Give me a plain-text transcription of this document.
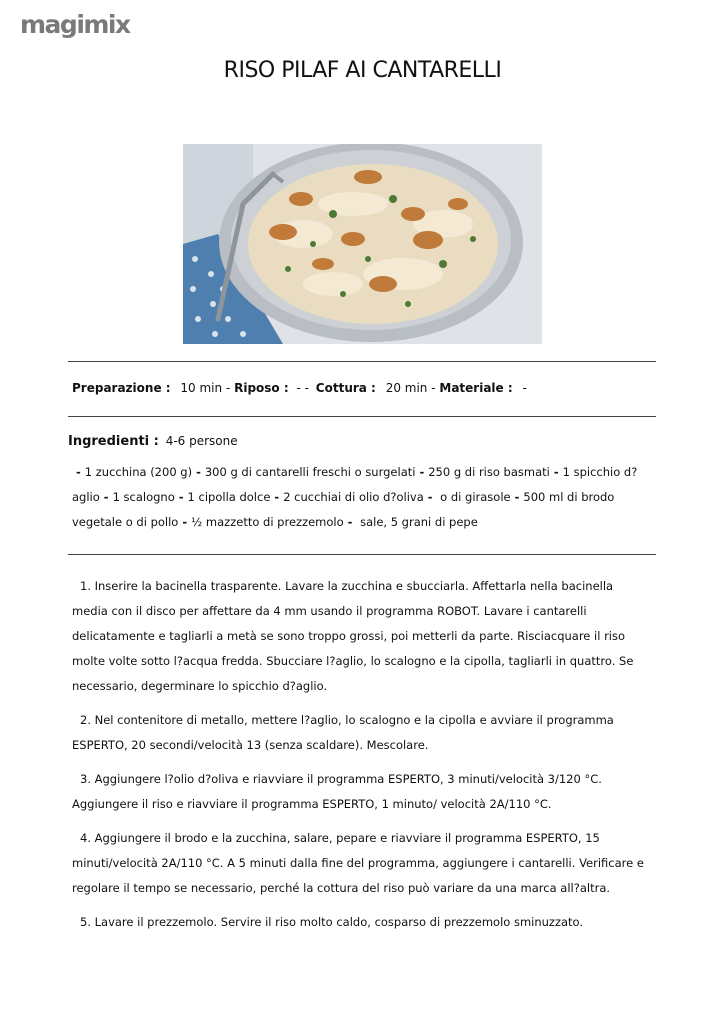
magimix
RISO PILAF AI CANTARELLI
Preparazione : 10 min - Riposo : - - Cottura : 20 min - Materiale : -
Ingredienti : 4-6 persone
- 1 zucchina (200 g) - 300 g di cantarelli freschi o surgelati - 250 g di riso basmati - 1 spicchio d?aglio - 1 scalogno - 1 cipolla dolce - 2 cucchiai di olio d?oliva - o di girasole - 500 ml di brodo vegetale o di pollo - ½ mazzetto di prezzemolo - sale, 5 grani di pepe

1. Inserire la bacinella trasparente. Lavare la zucchina e sbucciarla. Affettarla nella bacinella media con il disco per affettare da 4 mm usando il programma ROBOT. Lavare i cantarelli delicatamente e tagliarli a metà se sono troppo grossi, poi metterli da parte. Risciacquare il riso molte volte sotto l?acqua fredda. Sbucciare l?aglio, lo scalogno e la cipolla, tagliarli in quattro. Se necessario, degerminare lo spicchio d?aglio.

2. Nel contenitore di metallo, mettere l?aglio, lo scalogno e la cipolla e avviare il programma ESPERTO, 20 secondi/velocità 13 (senza scaldare). Mescolare.

3. Aggiungere l?olio d?oliva e riavviare il programma ESPERTO, 3 minuti/velocità 3/120 °C. Aggiungere il riso e riavviare il programma ESPERTO, 1 minuto/ velocità 2A/110 °C.

4. Aggiungere il brodo e la zucchina, salare, pepare e riavviare il programma ESPERTO, 15 minuti/velocità 2A/110 °C. A 5 minuti dalla fine del programma, aggiungere i cantarelli. Verificare e regolare il tempo se necessario, perché la cottura del riso può variare da una marca all?altra.

5. Lavare il prezzemolo. Servire il riso molto caldo, cosparso di prezzemolo sminuzzato.
